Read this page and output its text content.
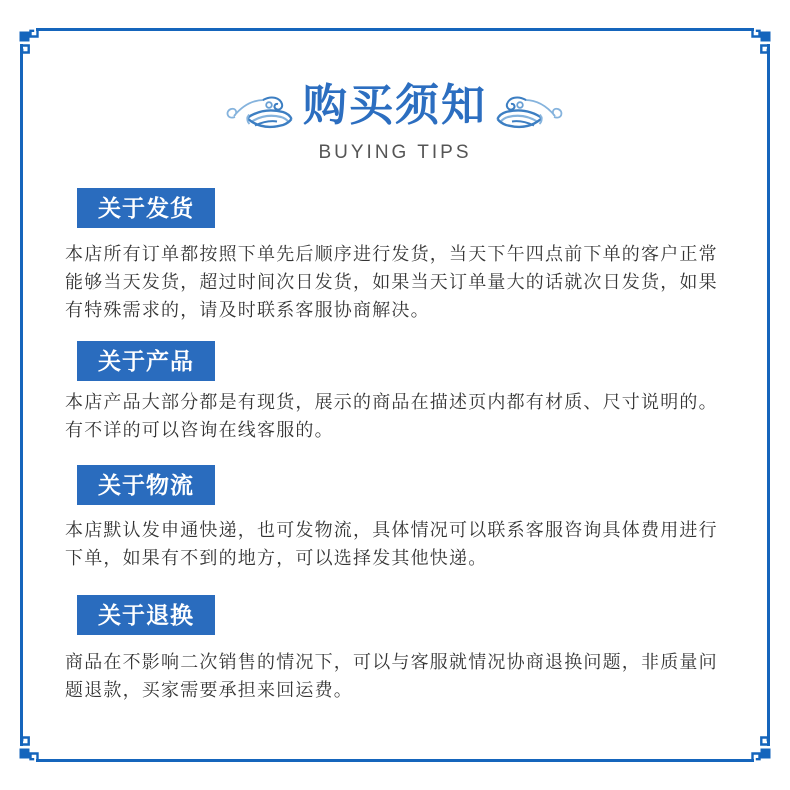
购买须知
BUYING TIPS
关于发货

本店所有订单都按照下单先后顺序进行发货，当天下午四点前下单的客户正常能够当天发货，超过时间次日发货，如果当天订单量大的话就次日发货，如果有特殊需求的，请及时联系客服协商解决。

关于产品

本店产品大部分都是有现货，展示的商品在描述页内都有材质、尺寸说明的。有不详的可以咨询在线客服的。

关于物流

本店默认发申通快递，也可发物流，具体情况可以联系客服咨询具体费用进行下单，如果有不到的地方，可以选择发其他快递。

关于退换

商品在不影响二次销售的情况下，可以与客服就情况协商退换问题，非质量问题退款，买家需要承担来回运费。
